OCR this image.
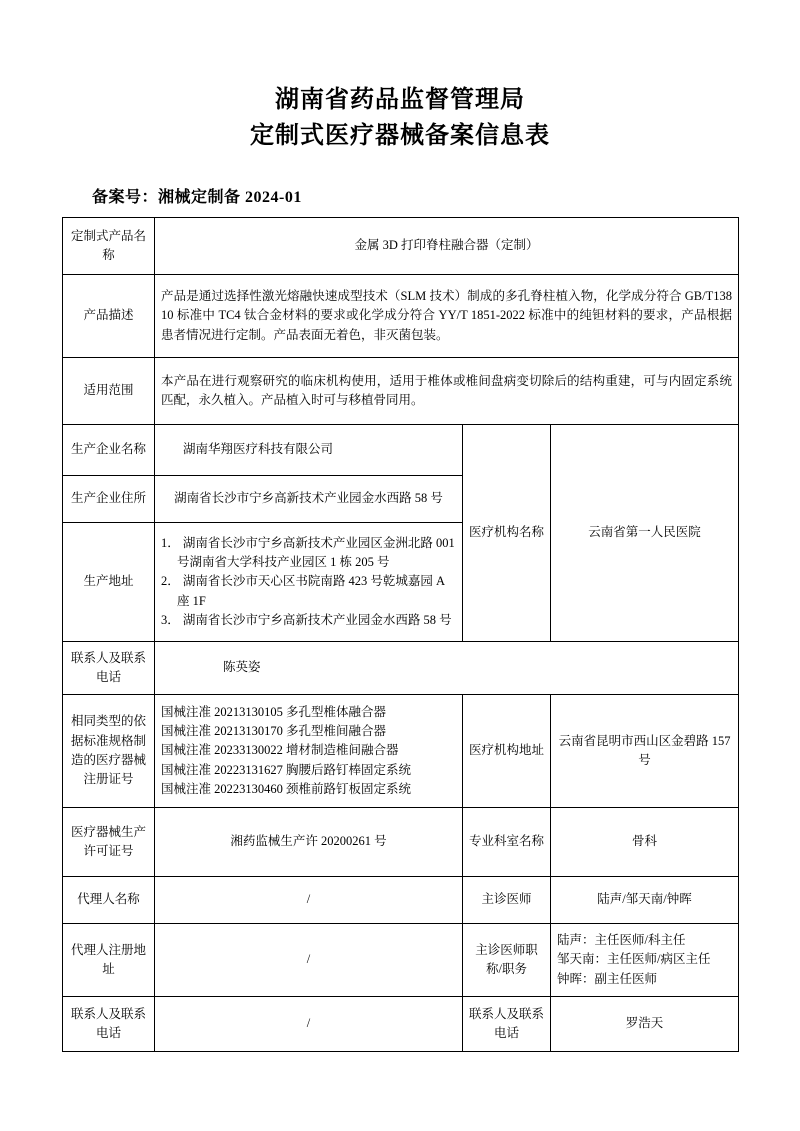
湖南省药品监督管理局
定制式医疗器械备案信息表
备案号：湘械定制备 2024-01
定制式产品名称	金属 3D 打印脊柱融合器（定制）		
产品描述	产品是通过选择性激光熔融快速成型技术（SLM 技术）制成的多孔脊柱植入物，化学成分符合 GB/T13810 标准中 TC4 钛合金材料的要求或化学成分符合 YY/T 1851-2022 标准中的纯钽材料的要求，产品根据患者情况进行定制。产品表面无着色，非灭菌包装。		
适用范围	本产品在进行观察研究的临床机构使用，适用于椎体或椎间盘病变切除后的结构重建，可与内固定系统匹配，永久植入。产品植入时可与移植骨同用。		
生产企业名称	湖南华翔医疗科技有限公司	医疗机构名称	云南省第一人民医院
生产企业住所	湖南省长沙市宁乡高新技术产业园金水西路 58 号		
生产地址	1． 湖南省长沙市宁乡高新技术产业园区金洲北路 001 号湖南省大学科技产业园区 1 栋 205 号
2． 湖南省长沙市天心区书院南路 423 号乾城嘉园 A 座 1F
3． 湖南省长沙市宁乡高新技术产业园金水西路 58 号		

联系人及联系电话	陈英姿		
相同类型的依据标准规格制造的医疗器械注册证号	国械注准 20213130105 多孔型椎体融合器
国械注准 20213130170 多孔型椎间融合器
国械注准 20233130022 增材制造椎间融合器
国械注准 20223131627 胸腰后路钉棒固定系统
国械注准 20223130460 颈椎前路钉板固定系统	医疗机构地址	云南省昆明市西山区金碧路 157 号
医疗器械生产许可证号	湘药监械生产许 20200261 号	专业科室名称	骨科
代理人名称	/	主诊医师	陆声/邹天南/钟晖
代理人注册地址	/	主诊医师职称/职务	陆声：主任医师/科主任
邹天南：主任医师/病区主任
钟晖：副主任医师

联系人及联系电话	/	联系人及联系电话	罗浩天
